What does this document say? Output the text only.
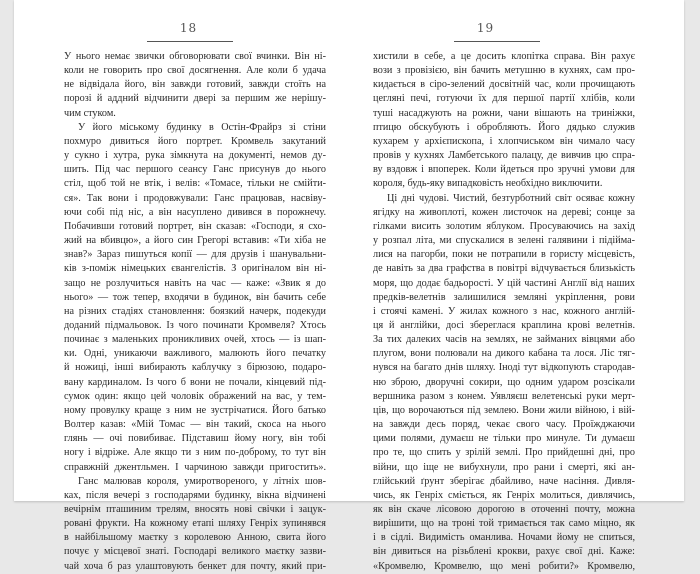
18
У нього немає звички обговорювати свої вчинки. Він ні-
коли не говорить про свої досягнення. Але коли б удача
не відвідала його, він завжди готовий, завжди стоїть на
порозі й аддний відчинити двері за першим же нерішу-
чим стуком.
У його міському будинку в Остін-Фрайрз зі стіни
похмуро дивиться його портрет. Кромвель закутаний
у сукно і хутра, рука зімкнута на документі, немов ду-
шить. Під час першого сеансу Ганс присунув до нього
стіл, щоб той не втік, і велів: «Томасе, тільки не смійти-
ся». Так вони і продовжували: Ганс працював, насвіву-
ючи собі під ніс, а він насуплено дивився в порожнечу.
Побачивши готовий портрет, він сказав: «Господи, я схо-
жий на вбивцю», а його син Грегорі вставив: «Ти хіба не
знав?» Зараз пишуться копії — для друзів і шанувальни-
ків з-поміж німецьких євангелістів. З оригіналом він ні-
защо не розлучиться навіть на час — каже: «Звик я до
нього» — тож тепер, входячи в будинок, він бачить себе
на різних стадіях становлення: боязкий начерк, подекуди
доданий підмальовок. Із чого починати Кромвеля? Хтось
починає з маленьких проникливих очей, хтось — із шап-
ки. Одні, уникаючи важливого, малюють його печатку
й ножиці, інші вибирають каблучку з бірюзою, подаро-
вану кардиналом. Із чого б вони не почали, кінцевий під-
сумок один: якщо цей чоловік ображений на вас, у тем-
ному провулку краще з ним не зустрічатися. Його батько
Волтер казав: «Мій Томас — він такий, скоса на нього
глянь — очі повибиває. Підставиш йому ногу, він тобі
ногу і відріже. Але якщо ти з ним по-доброму, то тут він
справжній джентльмен. І чарчиною завжди пригостить».
Ганс малював короля, умиротвореного, у літніх шов-
ках, після вечері з господарями будинку, вікна відчинені
вечірнім пташиним трелям, вносять нові свічки і зацук-
ровані фрукти. На кожному етапі шляху Генріх зупинявся
в найбільшому маєтку з королевою Анною, свита його
почує у місцевої знаті. Господарі великого маєтку зазви-
чай хоча б раз улаштовують бенкет для почту, який при-
19
хистили в себе, а це досить клопітка справа. Він рахує
вози з провізією, він бачить метушню в кухнях, сам про-
кидається в сіро-зелений досвітній час, коли прочищають
цегляні печі, готуючи їх для першої партії хлібів, коли
туші насаджують на рожни, чани вішають на триніжки,
птицю обскубують і обробляють. Його дядько служив
кухарем у архієпископа, і хлопчиськом він чимало часу
провів у кухнях Ламбетського палацу, де вивчив цю спра-
ву вздовж і впоперек. Коли йдеться про зручні умови для
короля, будь-яку випадковість необхідно виключити.
Ці дні чудові. Чистий, безтурботний світ осяває кожну
ягідку на живоплоті, кожен листочок на дереві; сонце за
гілками висить золотим яблуком. Просуваючись на захід
у розпал літа, ми спускалися в зелені галявини і підійма-
лися на пагорби, поки не потрапили в гористу місцевість,
де навіть за два графства в повітрі відчувається близькість
моря, що додає бадьорості. У цій частині Англії від наших
предків-велетнів залишилися земляні укріплення, рови
і стоячі камені. У жилах кожного з нас, кожного англій-
ця й англійки, досі збереглася краплина крові велетнів.
За тих далеких часів на землях, не займаних вівцями або
плугом, вони полювали на дикого кабана та лося. Ліс тяг-
нувся на багато днів шляху. Іноді тут відкопують стародав-
ню зброю, дворучні сокири, що одним ударом розсікали
вершника разом з конем. Уявляєш велетенські руки мерт-
ців, що ворочаються під землею. Вони жили війною, і вій-
на завжди десь поряд, чекає свого часу. Проїжджаючи
цими полями, думаєш не тільки про минуле. Ти думаєш
про те, що спить у зрілій землі. Про прийдешні дні, про
війни, що іще не вибухнули, про рани і смерті, які ан-
глійський ґрунт зберігає дбайливо, наче насіння. Дивля-
чись, як Генріх сміється, як Генріх молиться, дивлячись,
як він скаче лісовою дорогою в оточенні почту, можна
вирішити, що на троні той тримається так само міцно, як
і в сідлі. Видимість оманлива. Ночами йому не спиться,
він дивиться на різьблені крокви, рахує свої дні. Каже:
«Кромвелю, Кромвелю, що мені робити?» Кромвелю,
